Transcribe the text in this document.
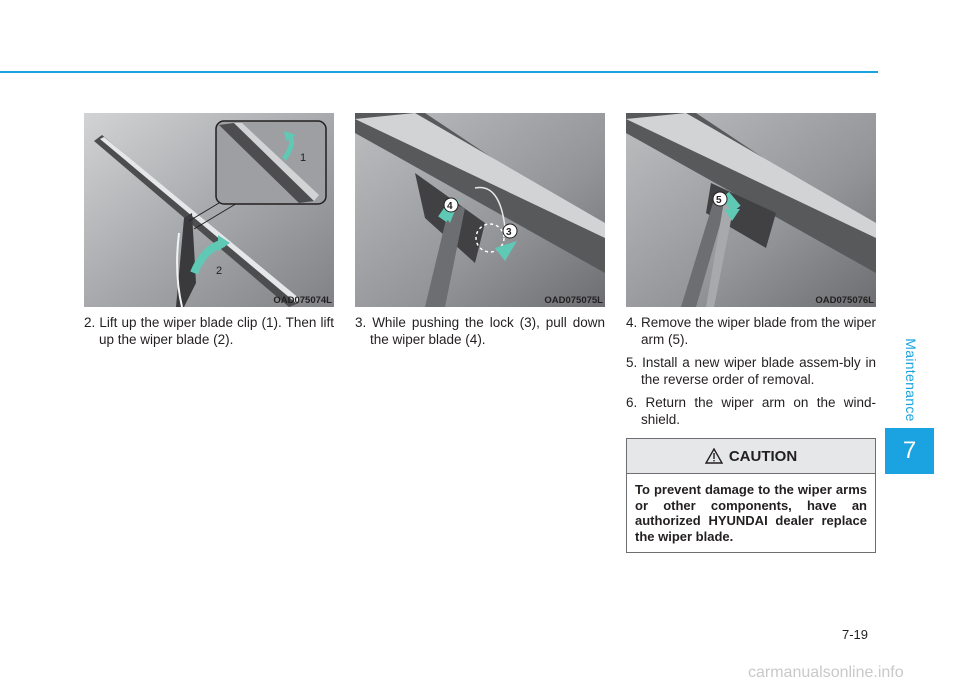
Maintenance
7
1
2
OAD075074L
4
3
OAD075075L
5
OAD075076L

2. Lift up the wiper blade clip (1). Then lift up the wiper blade (2).

3. While pushing the lock (3), pull down the wiper blade (4).

4. Remove the wiper blade from the wiper arm (5).

5. Install a new wiper blade assem-bly in the reverse order of removal.

6. Return the wiper arm on the wind-shield.

CAUTION
To prevent damage to the wiper arms or other components, have an authorized HYUNDAI dealer replace the wiper blade.
7-19
carmanualsonline.info
